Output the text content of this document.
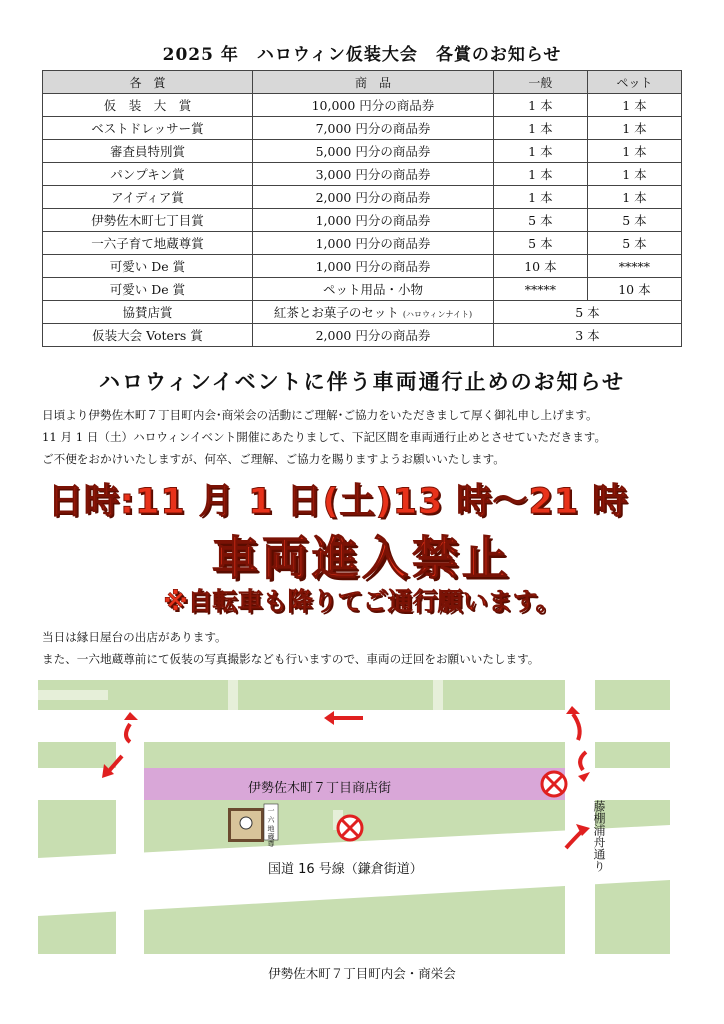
2025 年　ハロウィン仮装大会　各賞のお知らせ
各　賞	商　品	一般	ペット
仮　装　大　賞	10,000 円分の商品券	1 本	1 本
ベストドレッサー賞	7,000 円分の商品券	1 本	1 本
審査員特別賞	5,000 円分の商品券	1 本	1 本
パンプキン賞	3,000 円分の商品券	1 本	1 本
アイディア賞	2,000 円分の商品券	1 本	1 本
伊勢佐木町七丁目賞	1,000 円分の商品券	5 本	5 本
一六子育て地蔵尊賞	1,000 円分の商品券	5 本	5 本
可愛い De 賞	1,000 円分の商品券	10 本	*****
可愛い De 賞	ペット用品・小物	*****	10 本
協賛店賞	紅茶とお菓子のセット (ハロウィンナイト)	5 本	
仮装大会 Voters 賞	2,000 円分の商品券	3 本	
ハロウィンイベントに伴う車両通行止めのお知らせ
日頃より伊勢佐木町７丁目町内会･商栄会の活動にご理解･ご協力をいただきまして厚く御礼申し上げます。
11 月 1 日（土）ハロウィンイベント開催にあたりまして、下記区間を車両通行止めとさせていただきます。
ご不便をおかけいたしますが、何卒、ご理解、ご協力を賜りますようお願いいたします。
日時:11 月 1 日(土)13 時～21 時
車両進入禁止
※自転車も降りてご通行願います。
当日は縁日屋台の出店があります。
また、一六地蔵尊前にて仮装の写真撮影なども行いますので、車両の迂回をお願いいたします。
一
六
地
蔵
尊
伊勢佐木町７丁目商店街
国道 16 号線（鎌倉街道）	藤棚浦舟通り
伊勢佐木町７丁目町内会・商栄会
